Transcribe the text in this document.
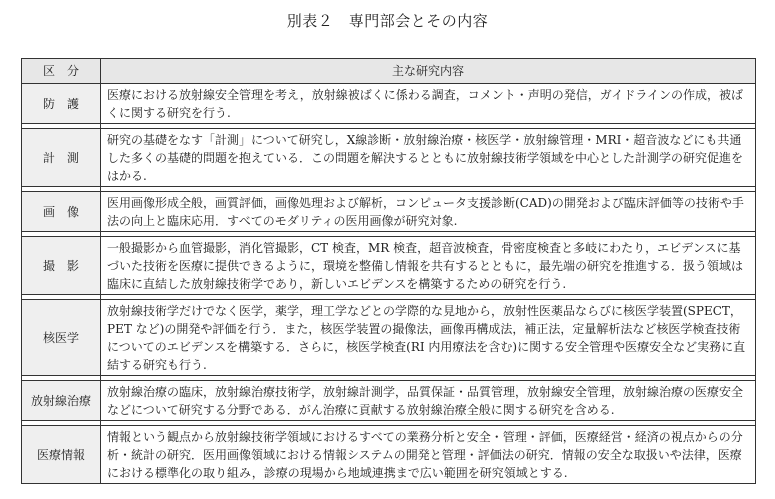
別表２　専門部会とその内容
区　分	主な研究内容
防　護	医療における放射線安全管理を考え，放射線被ばくに係わる調査，コメント・声明の発信，ガイドラインの作成，被ばくに関する研究を行う.

計　測	研究の基礎をなす「計測」について研究し，X線診断・放射線治療・核医学・放射線管理・MRI・超音波などにも共通した多くの基礎的問題を抱えている．この問題を解決するとともに放射線技術学領域を中心とした計測学の研究促進をはかる.

画　像	医用画像形成全般，画質評価，画像処理および解析，コンピュータ支援診断(CAD)の開発および臨床評価等の技術や手法の向上と臨床応用．すべてのモダリティの医用画像が研究対象.

撮　影	一般撮影から血管撮影，消化管撮影，CT 検査，MR 検査，超音波検査，骨密度検査と多岐にわたり，エビデンスに基づいた技術を医療に提供できるように，環境を整備し情報を共有するとともに，最先端の研究を推進する．扱う領域は臨床に直結した放射線技術学であり，新しいエビデンスを構築するための研究を行う.

核医学	放射線技術学だけでなく医学，薬学，理工学などとの学際的な見地から，放射性医薬品ならびに核医学装置(SPECT，PET など)の開発や評価を行う．また，核医学装置の撮像法，画像再構成法，補正法，定量解析法など核医学検査技術についてのエビデンスを構築する．さらに，核医学検査(RI 内用療法を含む)に関する安全管理や医療安全など実務に直結する研究も行う.

放射線治療	放射線治療の臨床，放射線治療技術学，放射線計測学，品質保証・品質管理，放射線安全管理，放射線治療の医療安全などについて研究する分野である．がん治療に貢献する放射線治療全般に関する研究を含める.

医療情報	情報という観点から放射線技術学領域におけるすべての業務分析と安全・管理・評価，医療経営・経済の視点からの分析・統計の研究．医用画像領域における情報システムの開発と管理・評価法の研究．情報の安全な取扱いや法律，医療における標準化の取り組み，診療の現場から地域連携まで広い範囲を研究領域とする.
